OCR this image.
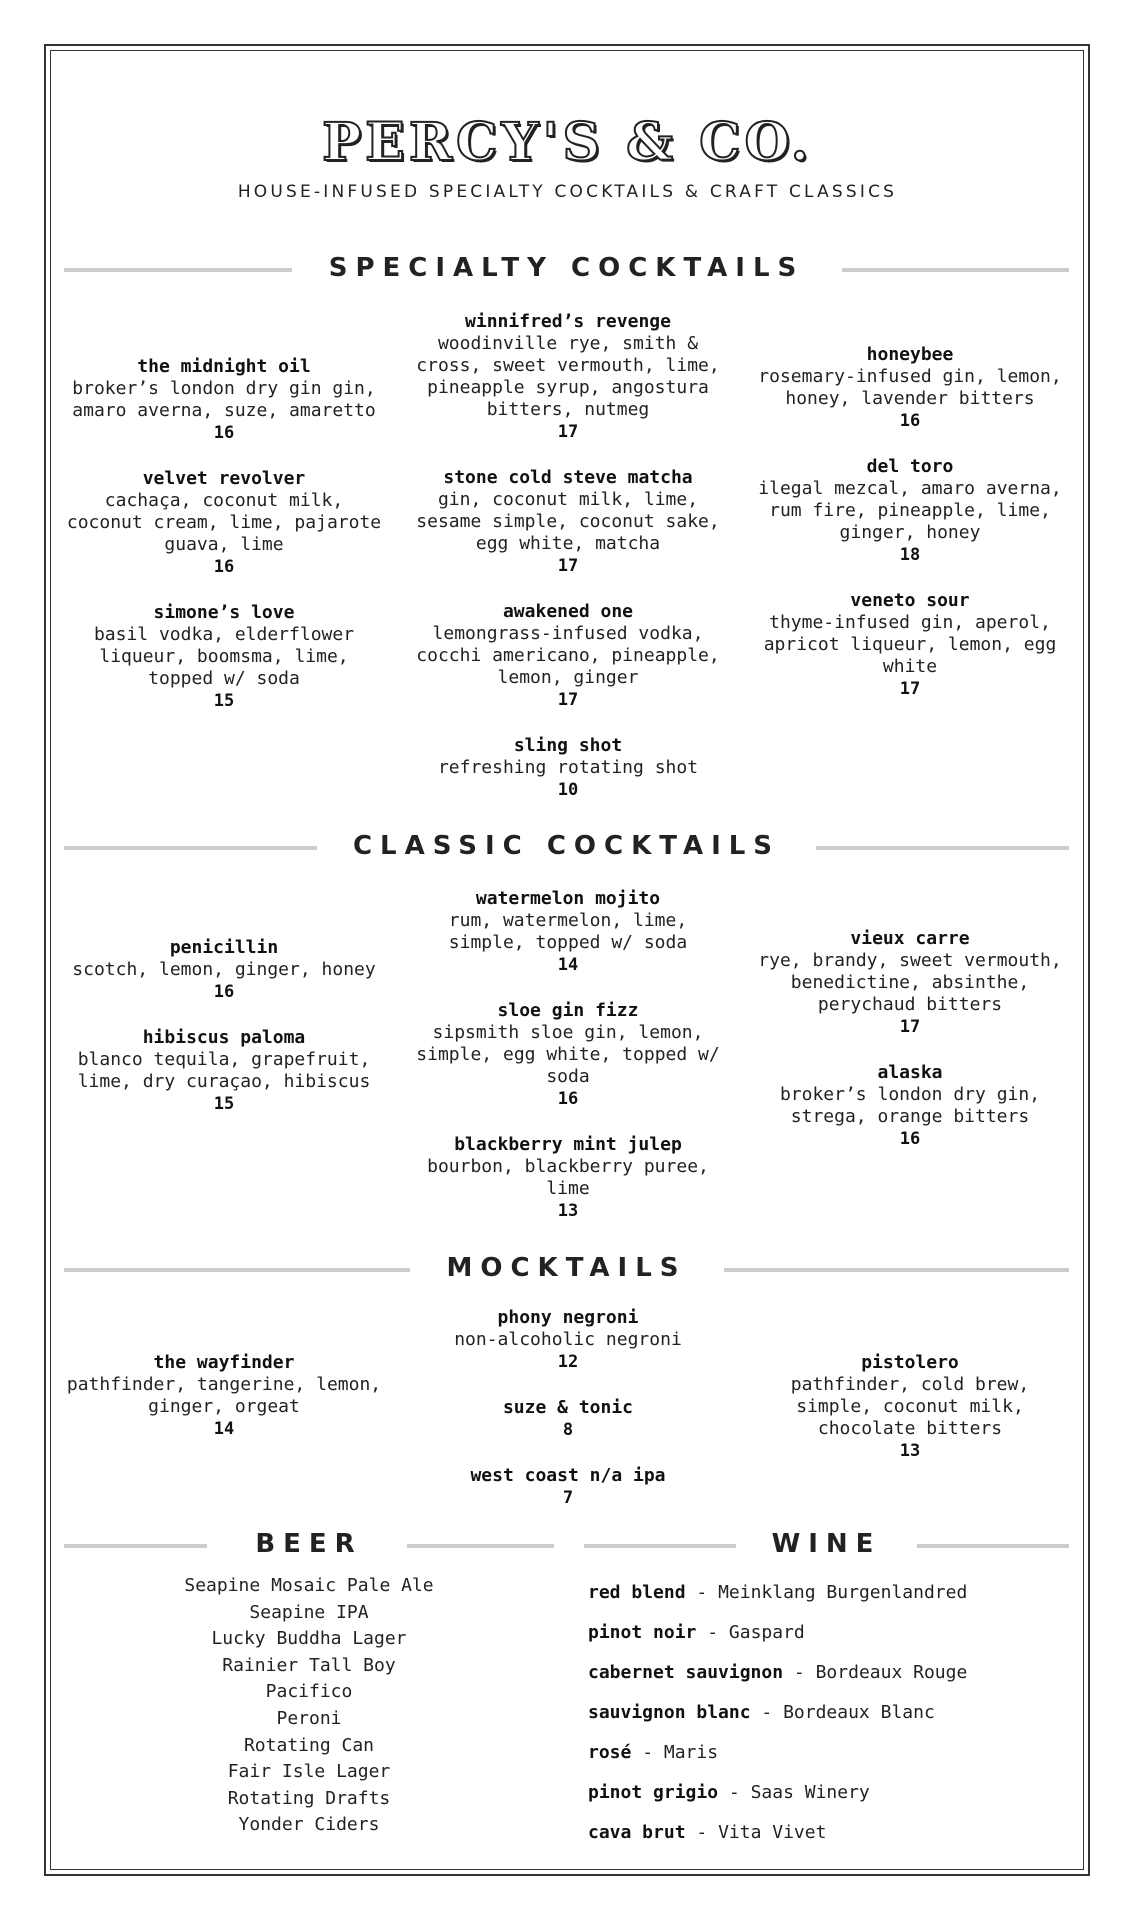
PERCY'S & CO.
HOUSE-INFUSED SPECIALTY COCKTAILS & CRAFT CLASSICS
SPECIALTY COCKTAILS
the midnight oil
broker’s london dry gin gin, amaro averna, suze, amaretto
16
velvet revolver
cachaça, coconut milk, coconut cream, lime, pajarote guava, lime
16
simone’s love
basil vodka, elderflower liqueur, boomsma, lime, topped w/ soda
15
winnifred’s revenge
woodinville rye, smith & cross, sweet vermouth, lime, pineapple syrup, angostura bitters, nutmeg
17
stone cold steve matcha
gin, coconut milk, lime, sesame simple, coconut sake, egg white, matcha
17
awakened one
lemongrass-infused vodka, cocchi americano, pineapple, lemon, ginger
17
sling shot
refreshing rotating shot
10
honeybee
rosemary-infused gin, lemon, honey, lavender bitters
16
del toro
ilegal mezcal, amaro averna, rum fire, pineapple, lime, ginger, honey
18
veneto sour
thyme-infused gin, aperol, apricot liqueur, lemon, egg white
17
CLASSIC COCKTAILS
penicillin
scotch, lemon, ginger, honey
16
hibiscus paloma
blanco tequila, grapefruit, lime, dry curaçao, hibiscus
15
watermelon mojito
rum, watermelon, lime, simple, topped w/ soda
14
sloe gin fizz
sipsmith sloe gin, lemon, simple, egg white, topped w/ soda
16
blackberry mint julep
bourbon, blackberry puree, lime
13
vieux carre
rye, brandy, sweet vermouth, benedictine, absinthe, perychaud bitters
17
alaska
broker’s london dry gin, strega, orange bitters
16
MOCKTAILS
the wayfinder
pathfinder, tangerine, lemon, ginger, orgeat
14
phony negroni
non-alcoholic negroni
12
suze & tonic
8
west coast n/a ipa
7
pistolero
pathfinder, cold brew, simple, coconut milk, chocolate bitters
13
BEER
Seapine Mosaic Pale Ale
Seapine IPA
Lucky Buddha Lager
Rainier Tall Boy
Pacifico
Peroni
Rotating Can
Fair Isle Lager
Rotating Drafts
Yonder Ciders
WINE
red blend - Meinklang Burgenlandred
pinot noir - Gaspard
cabernet sauvignon - Bordeaux Rouge
sauvignon blanc - Bordeaux Blanc
rosé - Maris
pinot grigio - Saas Winery
cava brut - Vita Vivet
